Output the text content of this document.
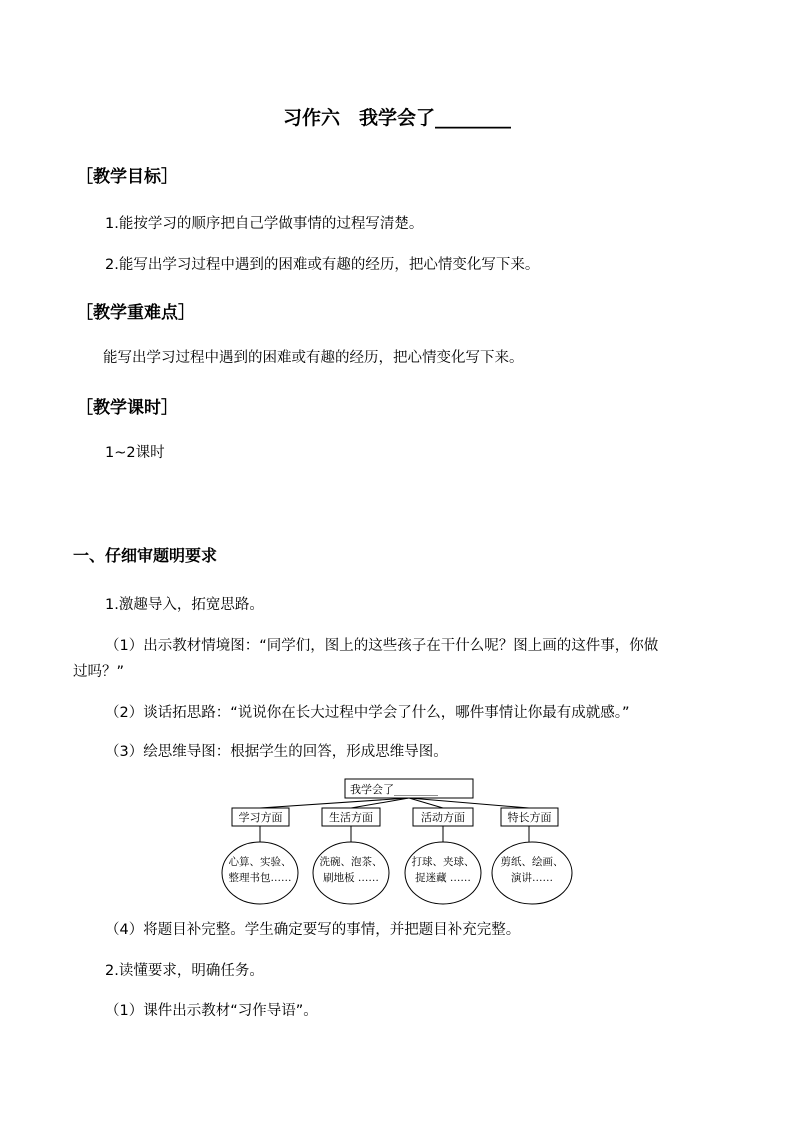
习作六　我学会了________
［教学目标］
1.能按学习的顺序把自己学做事情的过程写清楚。
2.能写出学习过程中遇到的困难或有趣的经历，把心情变化写下来。
［教学重难点］
能写出学习过程中遇到的困难或有趣的经历，把心情变化写下来。
［教学课时］
1~2课时
一、仔细审题明要求
1.激趣导入，拓宽思路。
（1）出示教材情境图：“同学们，图上的这些孩子在干什么呢？图上画的这件事，你做
过吗？”
（2）谈话拓思路：“说说你在长大过程中学会了什么，哪件事情让你最有成就感。”
（3）绘思维导图：根据学生的回答，形成思维导图。
我学会了________
学习方面
心算、实验、
整理书包……
生活方面
洗碗、泡茶、
刷地板 ……
活动方面
打球、夹球、
捉迷藏 ……
特长方面
剪纸、绘画、
演讲……
（4）将题目补完整。学生确定要写的事情，并把题目补充完整。
2.读懂要求，明确任务。
（1）课件出示教材“习作导语”。
